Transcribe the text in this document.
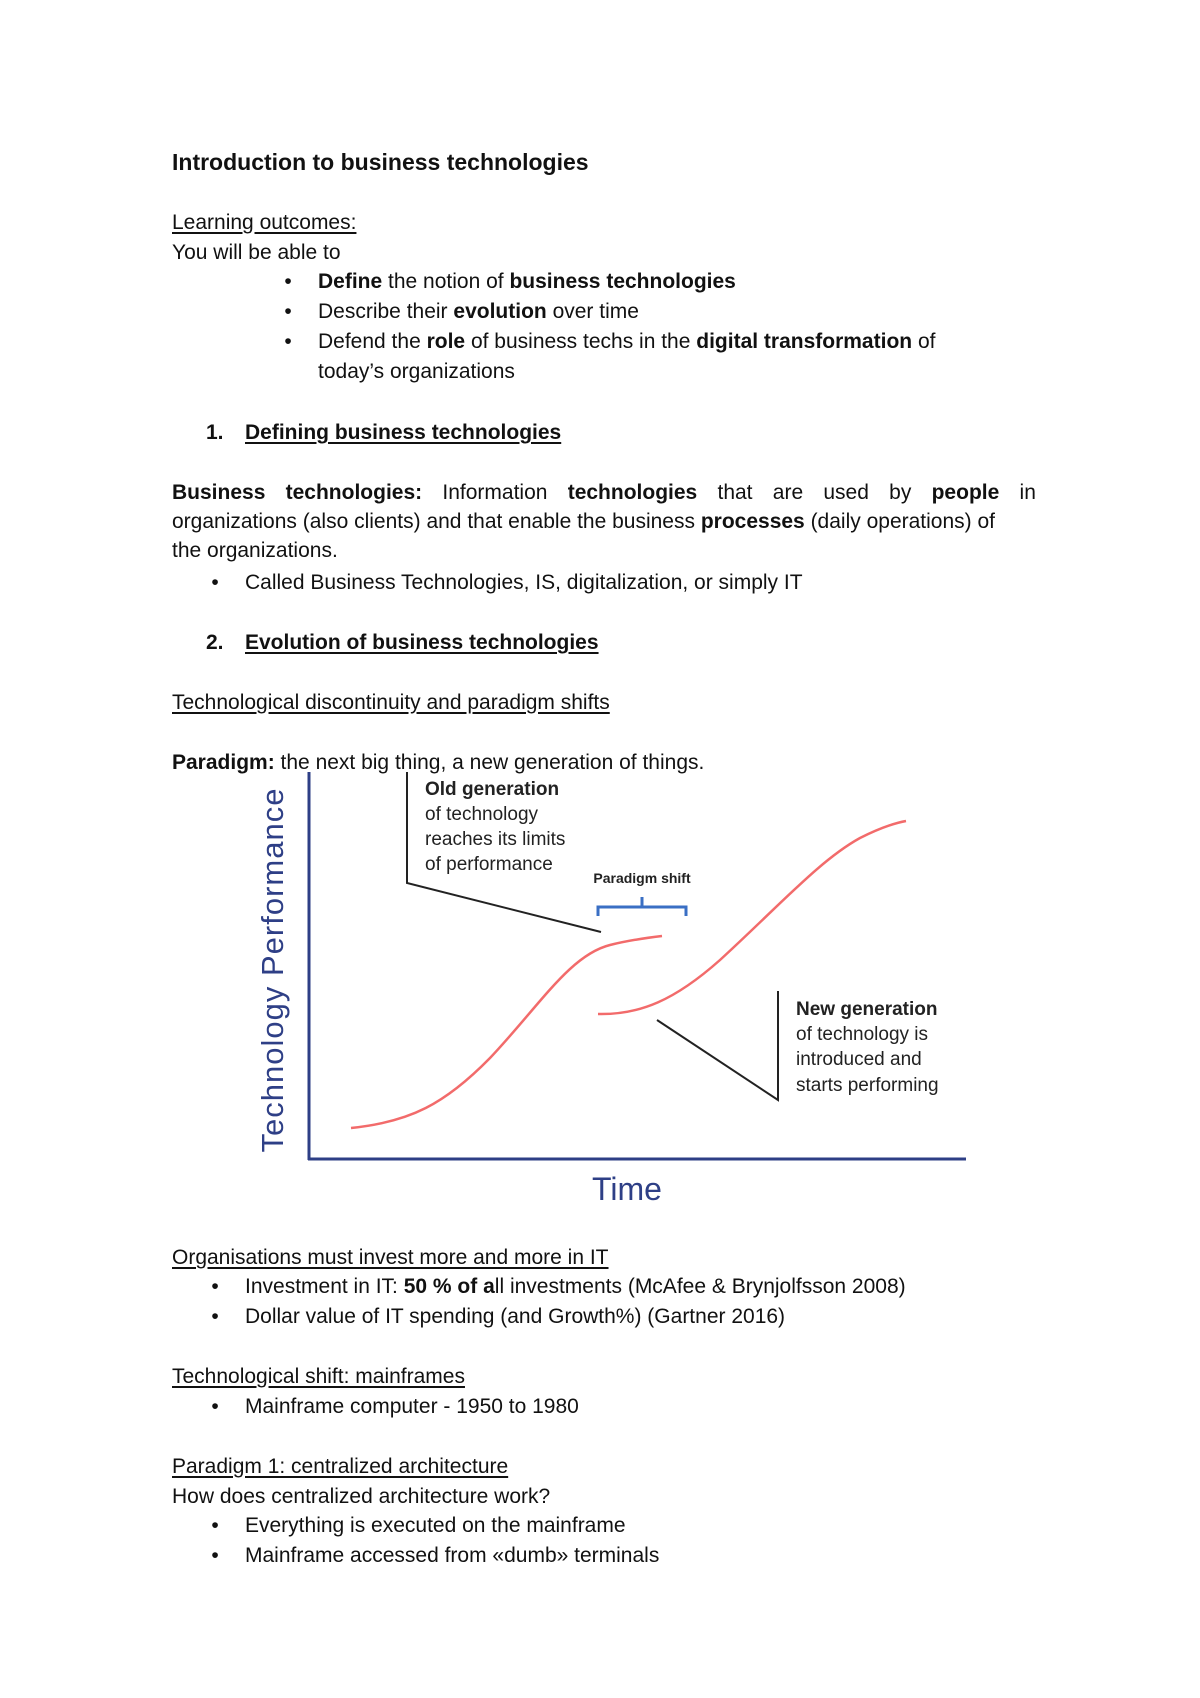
Introduction to business technologies
Learning outcomes:
You will be able to
•	Define the notion of business technologies
•	Describe their evolution over time
•	Defend the role of business techs in the digital transformation of
today’s organizations
1. Defining business technologies
Business technologies: Information technologies that are used by people in
organizations (also clients) and that enable the business processes (daily operations) of
the organizations.
•	Called Business Technologies, IS, digitalization, or simply IT
2. Evolution of business technologies
Technological discontinuity and paradigm shifts
Paradigm: the next big thing, a new generation of things.
Technology Performance
Time
Old generation of technology reaches its limits of performance
Paradigm shift
New generation of technology is introduced and starts performing
Organisations must invest more and more in IT
•	Investment in IT: 50 % of all investments (McAfee & Brynjolfsson 2008)
•	Dollar value of IT spending (and Growth%) (Gartner 2016)
Technological shift: mainframes
•	Mainframe computer - 1950 to 1980
Paradigm 1: centralized architecture
How does centralized architecture work?
•	Everything is executed on the mainframe
•	Mainframe accessed from «dumb» terminals
